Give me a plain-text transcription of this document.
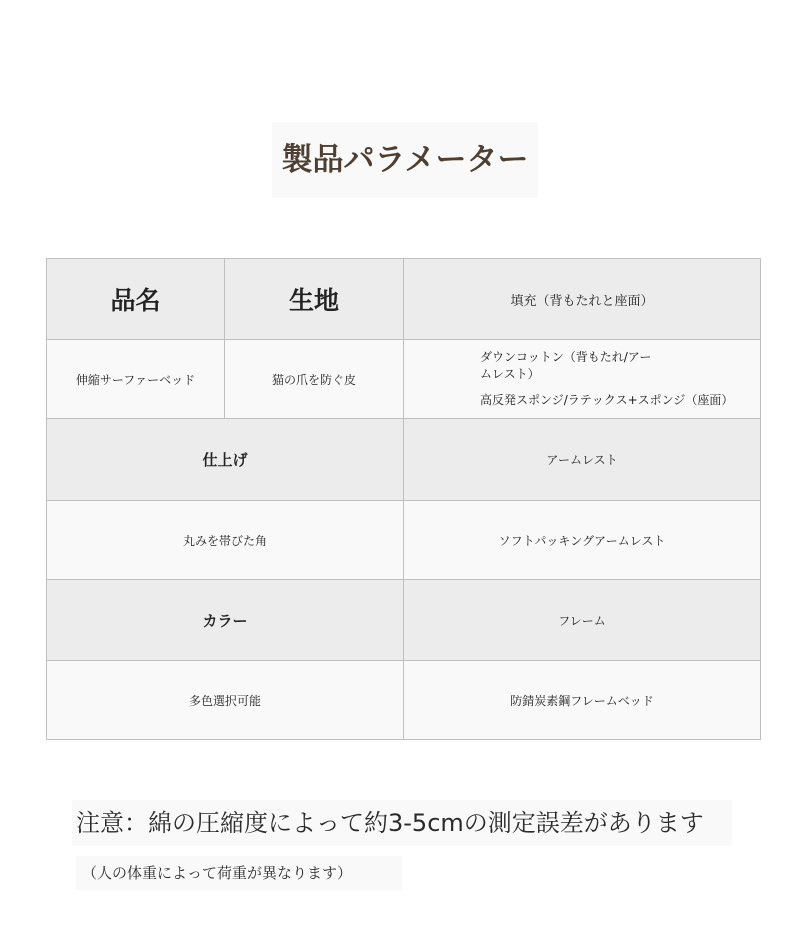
製品パラメーター
品名	生地	填充（背もたれと座面）
伸縮サーファーベッド	猫の爪を防ぐ皮	ダウンコットン（背もたれ/アー
ムレスト）
高反発スポンジ/ラテックス+スポンジ（座面）

仕上げ		アームレスト
丸みを帯びた角		ソフトパッキングアームレスト
カラー		フレーム
多色選択可能		防錆炭素鋼フレームベッド
注意：綿の圧縮度によって約3-5cmの測定誤差があります
（人の体重によって荷重が異なります）
